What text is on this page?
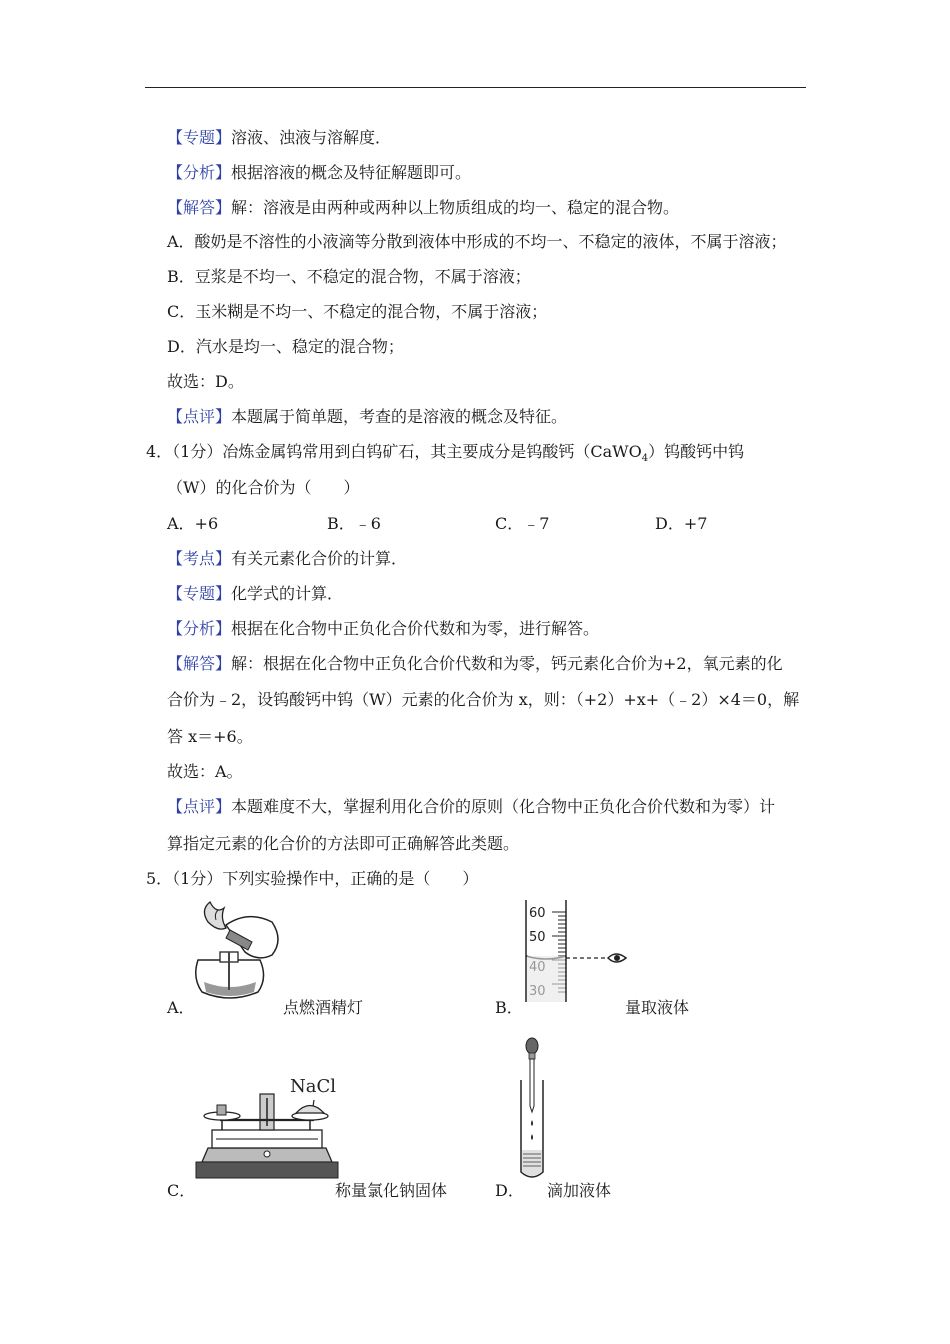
【专题】溶液、浊液与溶解度．
【分析】根据溶液的概念及特征解题即可。
【解答】解：溶液是由两种或两种以上物质组成的均一、稳定的混合物。
A．酸奶是不溶性的小液滴等分散到液体中形成的不均一、不稳定的液体，不属于溶液；
B．豆浆是不均一、不稳定的混合物，不属于溶液；
C．玉米糊是不均一、不稳定的混合物，不属于溶液；
D．汽水是均一、稳定的混合物；
故选：D。
【点评】本题属于简单题，考查的是溶液的概念及特征。
4．（1分）冶炼金属钨常用到白钨矿石，其主要成分是钨酸钙（CaWO$_4$）钨酸钙中钨
（W）的化合价为（　　）
A．+6	B．﹣6	C．﹣7	D．+7
【考点】有关元素化合价的计算．
【专题】化学式的计算．
【分析】根据在化合物中正负化合价代数和为零，进行解答。
【解答】解：根据在化合物中正负化合价代数和为零，钙元素化合价为+2，氧元素的化
合价为﹣2，设钨酸钙中钨（W）元素的化合价为 x，则：（+2）+x+（﹣2）×4＝0，解
答 x＝+6。
故选：A。
【点评】本题难度不大，掌握利用化合价的原则（化合物中正负化合价代数和为零）计
算指定元素的化合价的方法即可正确解答此类题。
5．（1分）下列实验操作中，正确的是（　　）
A．	点燃酒精灯
60
50
B．	量取液体
NaCl
C．	称量氯化钠固体	D． 滴加液体
